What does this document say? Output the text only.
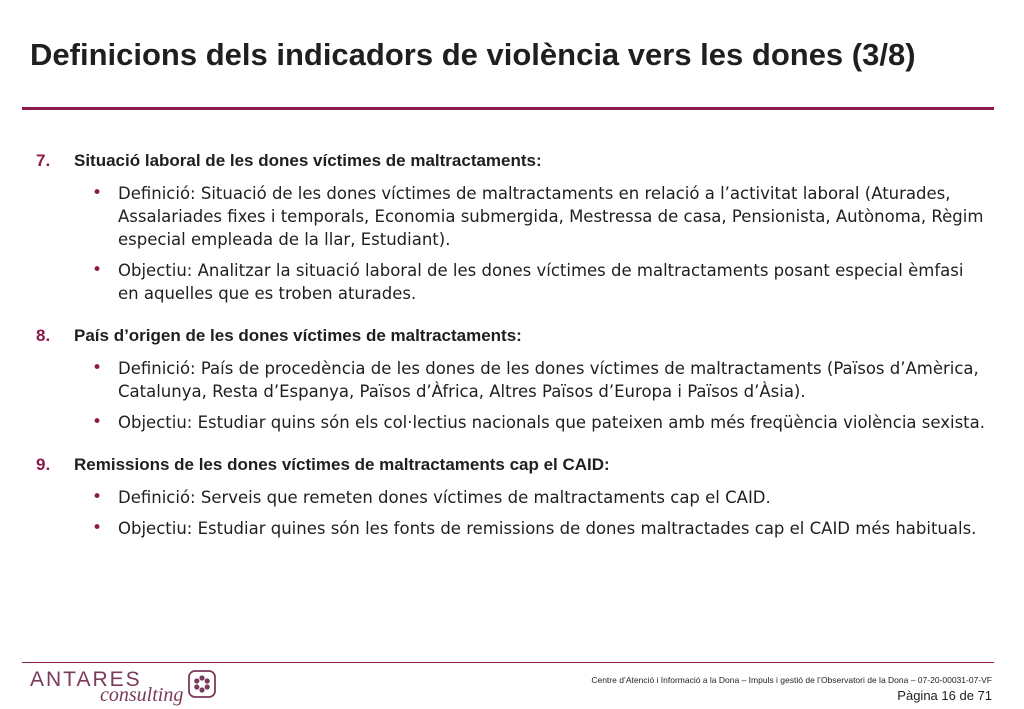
Definicions dels indicadors de violència vers les dones (3/8)
7.	Situació laboral de les dones víctimes de maltractaments:
• Definició: Situació de les dones víctimes de maltractaments en relació a l’activitat laboral (Aturades, Assalariades fixes i temporals, Economia submergida, Mestressa de casa, Pensionista, Autònoma, Règim especial empleada de la llar, Estudiant).
• Objectiu: Analitzar la situació laboral de les dones víctimes de maltractaments posant especial èmfasi en aquelles que es troben aturades.
8.	País d’origen de les dones víctimes de maltractaments:
• Definició: País de procedència de les dones de les dones víctimes de maltractaments (Països d’Amèrica, Catalunya, Resta d’Espanya, Països d’Àfrica, Altres Països d’Europa i Països d’Àsia).
• Objectiu: Estudiar quins són els col·lectius nacionals que pateixen amb més freqüència violència sexista.
9.	Remissions de les dones víctimes de maltractaments cap el CAID:
• Definició: Serveis que remeten dones víctimes de maltractaments cap el CAID.
• Objectiu: Estudiar quines són les fonts de remissions de dones maltractades cap el CAID més habituals.
ANTARES
consulting
Centre d’Atenció i Informació a la Dona – Impuls i gestió de l’Observatori de la Dona – 07-20-00031-07-VF
Pàgina 16 de 71
